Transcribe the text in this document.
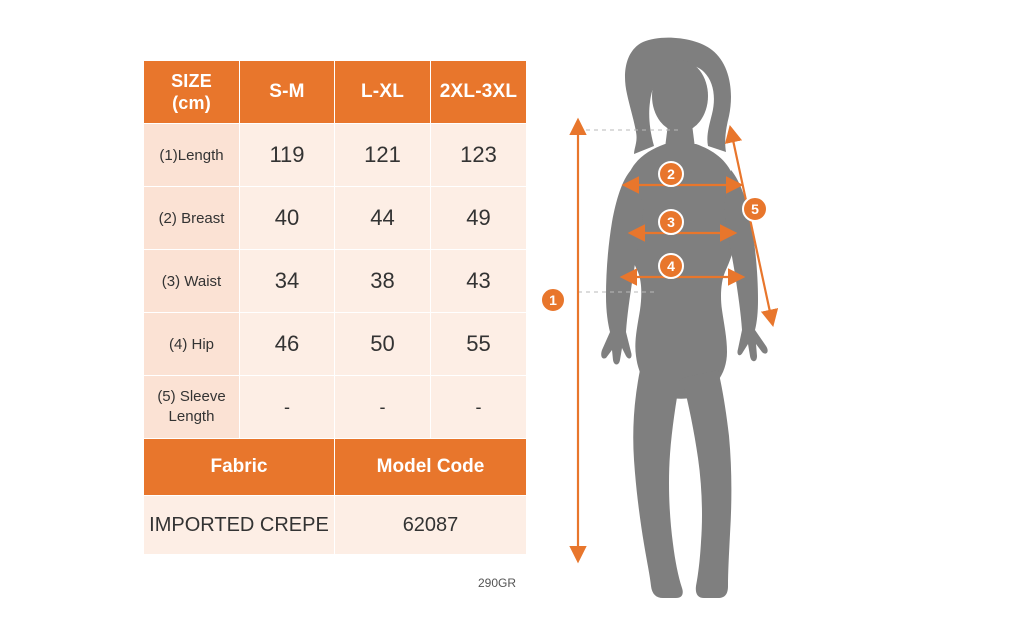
SIZE
(cm)	S-M	L-XL	2XL-3XL
(1)Length	119	121	123
(2) Breast	40	44	49
(3) Waist	34	38	43
(4) Hip	46	50	55

(5) Sleeve
Length	-	-	-
Fabric		Model Code	
IMPORTED CREPE		62087	
290GR
1
2
3
4
5
